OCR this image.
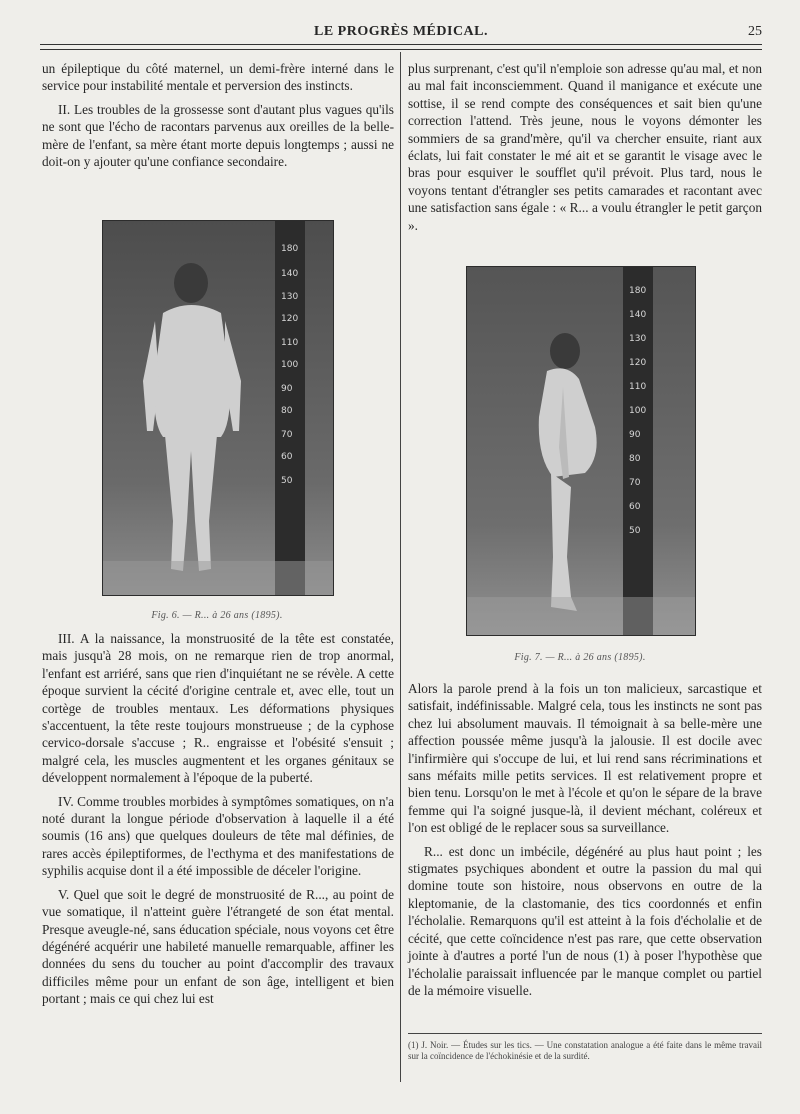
LE PROGRÈS MÉDICAL.	25

un épileptique du côté maternel, un demi-frère interné dans le service pour instabilité mentale et perversion des instincts.

II. Les troubles de la grossesse sont d'autant plus vagues qu'ils ne sont que l'écho de racontars parvenus aux oreilles de la belle-mère de l'enfant, sa mère étant morte depuis longtemps ; aussi ne doit-on y ajouter qu'une confiance secondaire.

180
140
130
120
110
100
90
80
70
60
50
Fig. 6. — R... à 26 ans (1895).

III. A la naissance, la monstruosité de la tête est constatée, mais jusqu'à 28 mois, on ne remarque rien de trop anormal, l'enfant est arriéré, sans que rien d'inquiétant ne se révèle. A cette époque survient la cécité d'origine centrale et, avec elle, tout un cortège de troubles mentaux. Les déformations physiques s'accentuent, la tête reste toujours monstrueuse ; de la cyphose cervico-dorsale s'accuse ; R.. engraisse et l'obésité s'ensuit ; malgré cela, les muscles augmentent et les organes génitaux se développent normalement à l'époque de la puberté.

IV. Comme troubles morbides à symptômes somatiques, on n'a noté durant la longue période d'observation à laquelle il a été soumis (16 ans) que quelques douleurs de tête mal définies, de rares accès épileptiformes, de l'ecthyma et des manifestations de syphilis acquise dont il a été impossible de déceler l'origine.

V. Quel que soit le degré de monstruosité de R..., au point de vue somatique, il n'atteint guère l'étrangeté de son état mental. Presque aveugle-né, sans éducation spéciale, nous voyons cet être dégénéré acquérir une habileté manuelle remarquable, affiner les données du sens du toucher au point d'accomplir des travaux difficiles même pour un enfant de son âge, intelligent et bien portant ; mais ce qui chez lui est

plus surprenant, c'est qu'il n'emploie son adresse qu'au mal, et non au mal fait inconsciemment. Quand il manigance et exécute une sottise, il se rend compte des conséquences et sait bien qu'une correction l'attend. Très jeune, nous le voyons démonter les sommiers de sa grand'mère, qu'il va chercher ensuite, riant aux éclats, lui fait constater le mé ait et se garantit le visage avec le bras pour esquiver le soufflet qu'il prévoit. Plus tard, nous le voyons tentant d'étrangler ses petits camarades et racontant avec une satisfaction sans égale : « R... a voulu étrangler le petit garçon ».

180
140
130
120
110
100
90
80
70
60
50
Fig. 7. — R... à 26 ans (1895).

Alors la parole prend à la fois un ton malicieux, sarcastique et satisfait, indéfinissable. Malgré cela, tous les instincts ne sont pas chez lui absolument mauvais. Il témoignait à sa belle-mère une affection poussée même jusqu'à la jalousie. Il est docile avec l'infirmière qui s'occupe de lui, et lui rend sans récriminations et sans méfaits mille petits services. Il est relativement propre et bien tenu. Lorsqu'on le met à l'école et qu'on le sépare de la brave femme qui l'a soigné jusque-là, il devient méchant, coléreux et l'on est obligé de le replacer sous sa surveillance.

R... est donc un imbécile, dégénéré au plus haut point ; les stigmates psychiques abondent et outre la passion du mal qui domine toute son histoire, nous observons en outre de la kleptomanie, de la clastomanie, des tics coordonnés et enfin l'écholalie. Remarquons qu'il est atteint à la fois d'écholalie et de cécité, que cette coïncidence n'est pas rare, que cette observation jointe à d'autres a porté l'un de nous (1) à poser l'hypothèse que l'écholalie paraissait influencée par le manque complet ou partiel de la mémoire visuelle.

(1) J. Noir. — Études sur les tics. — Une constatation analogue a été faite dans le même travail sur la coïncidence de l'échokinésie et de la surdité.
